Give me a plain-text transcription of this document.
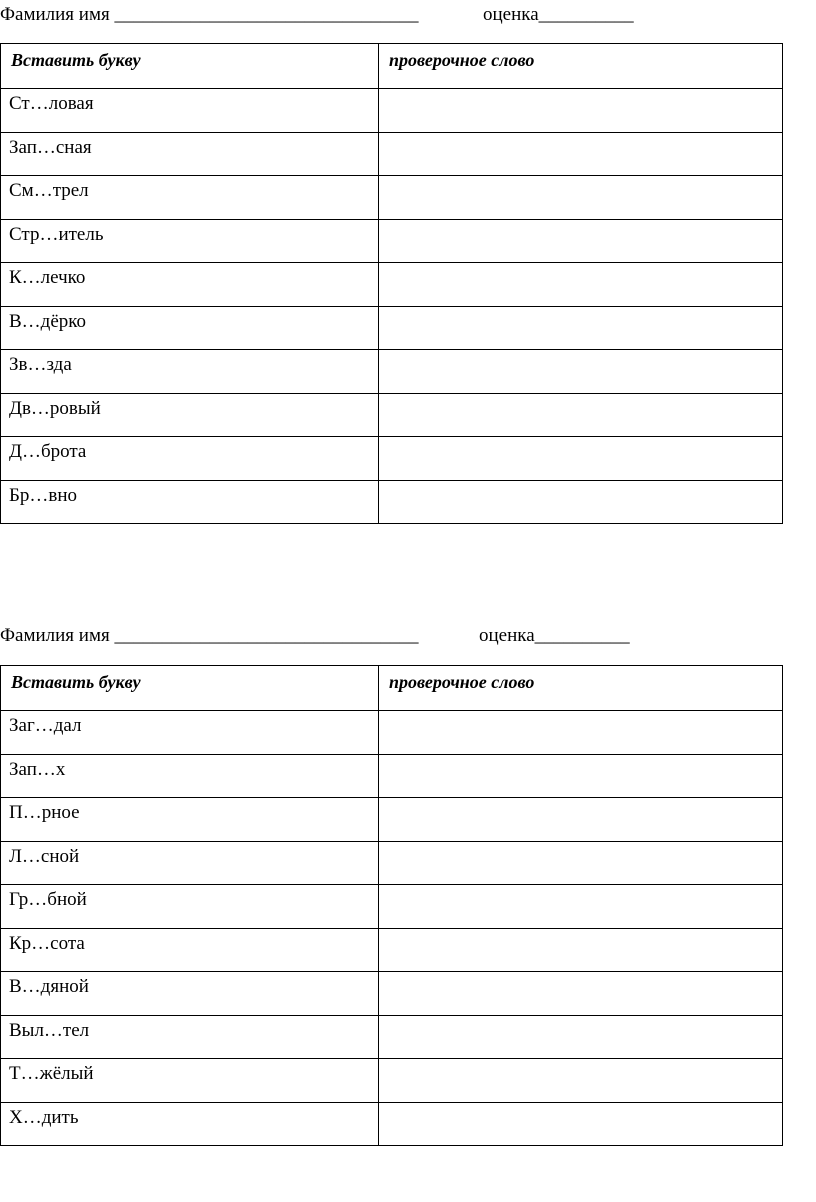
Фамилия имя ________________________________	оценка__________
Вставить букву	проверочное слово
Ст…ловая	
Зап…сная	
См…трел	
Стр…итель	
К…лечко	
В…дёрко	
Зв…зда	
Дв…ровый	
Д…брота	
Бр…вно	
Фамилия имя ________________________________	оценка__________
Вставить букву	проверочное слово
Заг…дал	
Зап…х	
П…рное	
Л…сной	
Гр…бной	
Кр…сота	
В…дяной	
Выл…тел	
Т…жёлый	
Х…дить	
